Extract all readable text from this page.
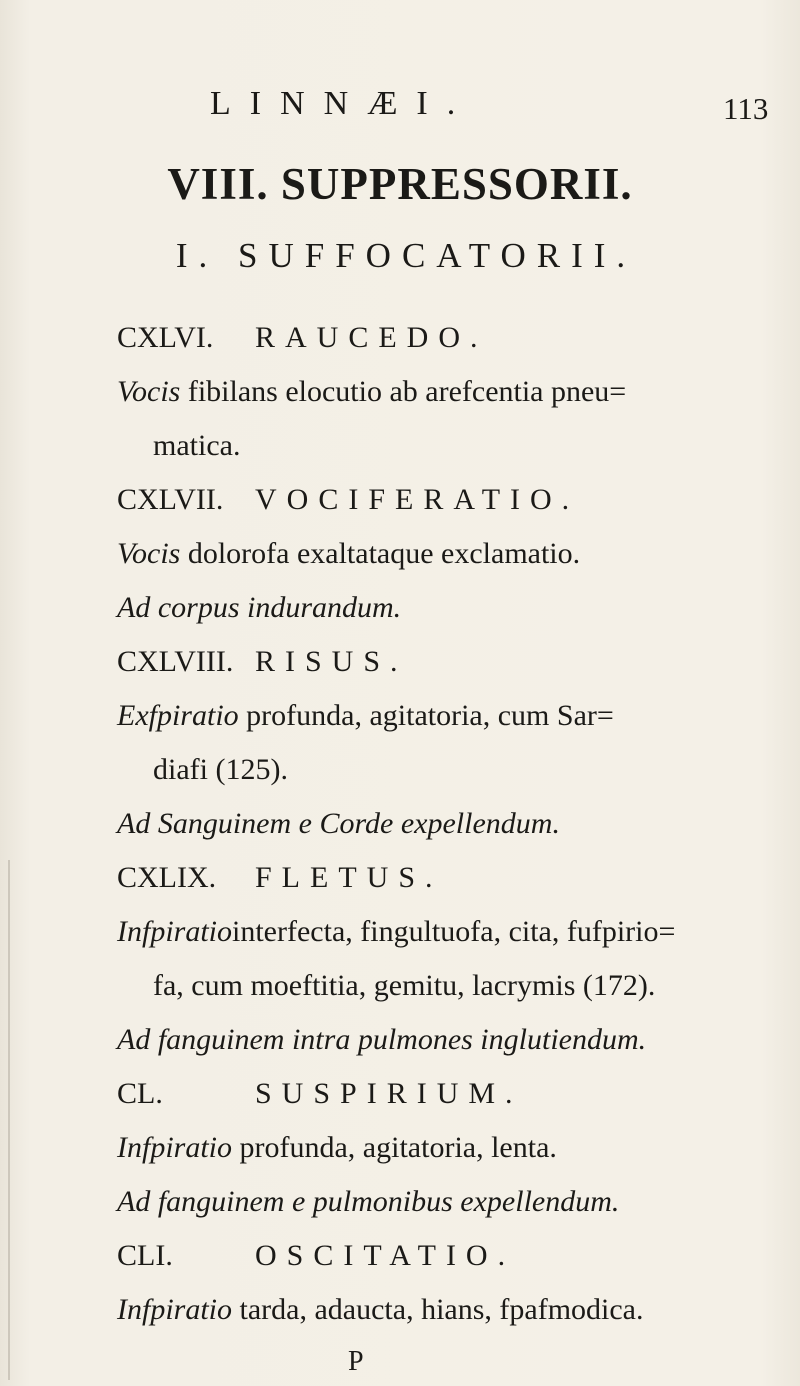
LINNÆI.	113
VIII. SUPPRESSORII.
I. SUFFOCATORII.
CXLVI. RAUCEDO.
Vocis fibilans elocutio ab arefcentia pneu=
matica.
CXLVII. VOCIFERATIO.
Vocis dolorofa exaltataque exclamatio.
Ad corpus indurandum.
CXLVIII. RISUS.
Exfpiratio profunda, agitatoria, cum Sar=
diafi (125).
Ad Sanguinem e Corde expellendum.
CXLIX. FLETUS.
Infpiratiointerfecta, fingultuofa, cita, fufpirio=
fa, cum moeftitia, gemitu, lacrymis (172).
Ad fanguinem intra pulmones inglutiendum.
CL.	SUSPIRIUM.
Infpiratio profunda, agitatoria, lenta.
Ad fanguinem e pulmonibus expellendum.
CLI.	OSCITATIO.
Infpiratio tarda, adaucta, hians, fpafmodica.
P
